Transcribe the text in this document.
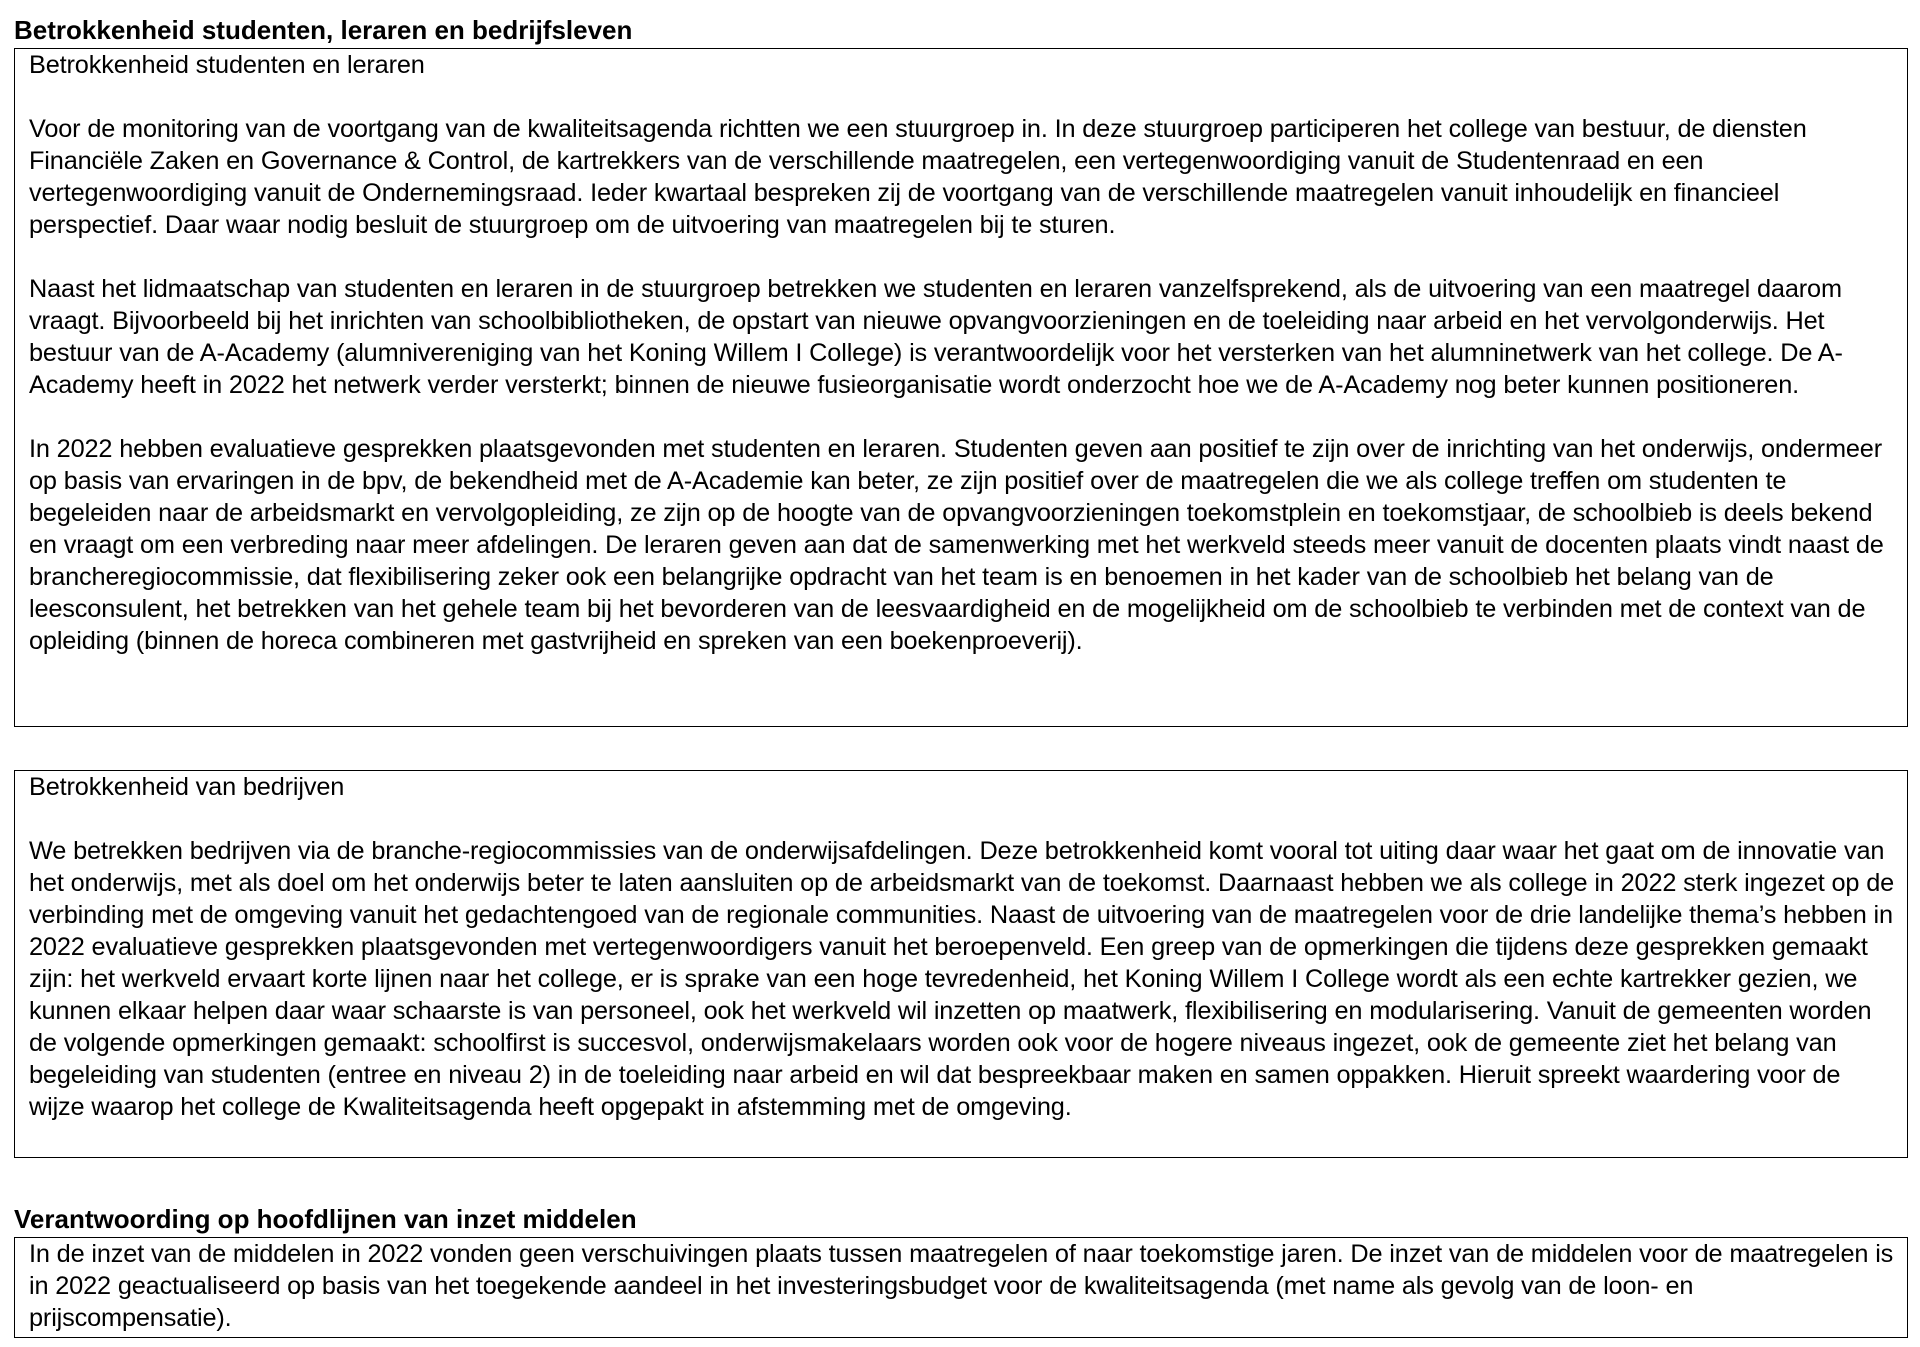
Betrokkenheid studenten, leraren en bedrijfsleven

Betrokkenheid studenten en leraren

Voor de monitoring van de voortgang van de kwaliteitsagenda richtten we een stuurgroep in. In deze stuurgroep participeren het college van bestuur, de diensten Financiële Zaken en Governance & Control, de kartrekkers van de verschillende maatregelen, een vertegenwoordiging vanuit de Studentenraad en een vertegenwoordiging vanuit de Ondernemingsraad. Ieder kwartaal bespreken zij de voortgang van de verschillende maatregelen vanuit inhoudelijk en financieel perspectief. Daar waar nodig besluit de stuurgroep om de uitvoering van maatregelen bij te sturen.

Naast het lidmaatschap van studenten en leraren in de stuurgroep betrekken we studenten en leraren vanzelfsprekend, als de uitvoering van een maatregel daarom vraagt. Bijvoorbeeld bij het inrichten van schoolbibliotheken, de opstart van nieuwe opvangvoorzieningen en de toeleiding naar arbeid en het vervolgonderwijs. Het bestuur van de A-Academy (alumnivereniging van het Koning Willem I College) is verantwoordelijk voor het versterken van het alumninetwerk van het college. De A-Academy heeft in 2022 het netwerk verder versterkt; binnen de nieuwe fusieorganisatie wordt onderzocht hoe we de A-Academy nog beter kunnen positioneren.

In 2022 hebben evaluatieve gesprekken plaatsgevonden met studenten en leraren. Studenten geven aan positief te zijn over de inrichting van het onderwijs, ondermeer op basis van ervaringen in de bpv, de bekendheid met de A-Academie kan beter, ze zijn positief over de maatregelen die we als college treffen om studenten te begeleiden naar de arbeidsmarkt en vervolgopleiding, ze zijn op de hoogte van de opvangvoorzieningen toekomstplein en toekomstjaar, de schoolbieb is deels bekend en vraagt om een verbreding naar meer afdelingen. De leraren geven aan dat de samenwerking met het werkveld steeds meer vanuit de docenten plaats vindt naast de brancheregiocommissie, dat flexibilisering zeker ook een belangrijke opdracht van het team is en benoemen in het kader van de schoolbieb het belang van de leesconsulent, het betrekken van het gehele team bij het bevorderen van de leesvaardigheid en de mogelijkheid om de schoolbieb te verbinden met de context van de opleiding (binnen de horeca combineren met gastvrijheid en spreken van een boekenproeverij).

Betrokkenheid van bedrijven

We betrekken bedrijven via de branche-regiocommissies van de onderwijsafdelingen. Deze betrokkenheid komt vooral tot uiting daar waar het gaat om de innovatie van het onderwijs, met als doel om het onderwijs beter te laten aansluiten op de arbeidsmarkt van de toekomst. Daarnaast hebben we als college in 2022 sterk ingezet op de verbinding met de omgeving vanuit het gedachtengoed van de regionale communities. Naast de uitvoering van de maatregelen voor de drie landelijke thema’s hebben in 2022 evaluatieve gesprekken plaatsgevonden met vertegenwoordigers vanuit het beroepenveld. Een greep van de opmerkingen die tijdens deze gesprekken gemaakt zijn: het werkveld ervaart korte lijnen naar het college, er is sprake van een hoge tevredenheid, het Koning Willem I College wordt als een echte kartrekker gezien, we kunnen elkaar helpen daar waar schaarste is van personeel, ook het werkveld wil inzetten op maatwerk, flexibilisering en modularisering. Vanuit de gemeenten worden de volgende opmerkingen gemaakt: schoolfirst is succesvol, onderwijsmakelaars worden ook voor de hogere niveaus ingezet, ook de gemeente ziet het belang van begeleiding van studenten (entree en niveau 2) in de toeleiding naar arbeid en wil dat bespreekbaar maken en samen oppakken. Hieruit spreekt waardering voor de wijze waarop het college de Kwaliteitsagenda heeft opgepakt in afstemming met de omgeving.

Verantwoording op hoofdlijnen van inzet middelen

In de inzet van de middelen in 2022 vonden geen verschuivingen plaats tussen maatregelen of naar toekomstige jaren. De inzet van de middelen voor de maatregelen is in 2022 geactualiseerd op basis van het toegekende aandeel in het investeringsbudget voor de kwaliteitsagenda (met name als gevolg van de loon- en prijscompensatie).
